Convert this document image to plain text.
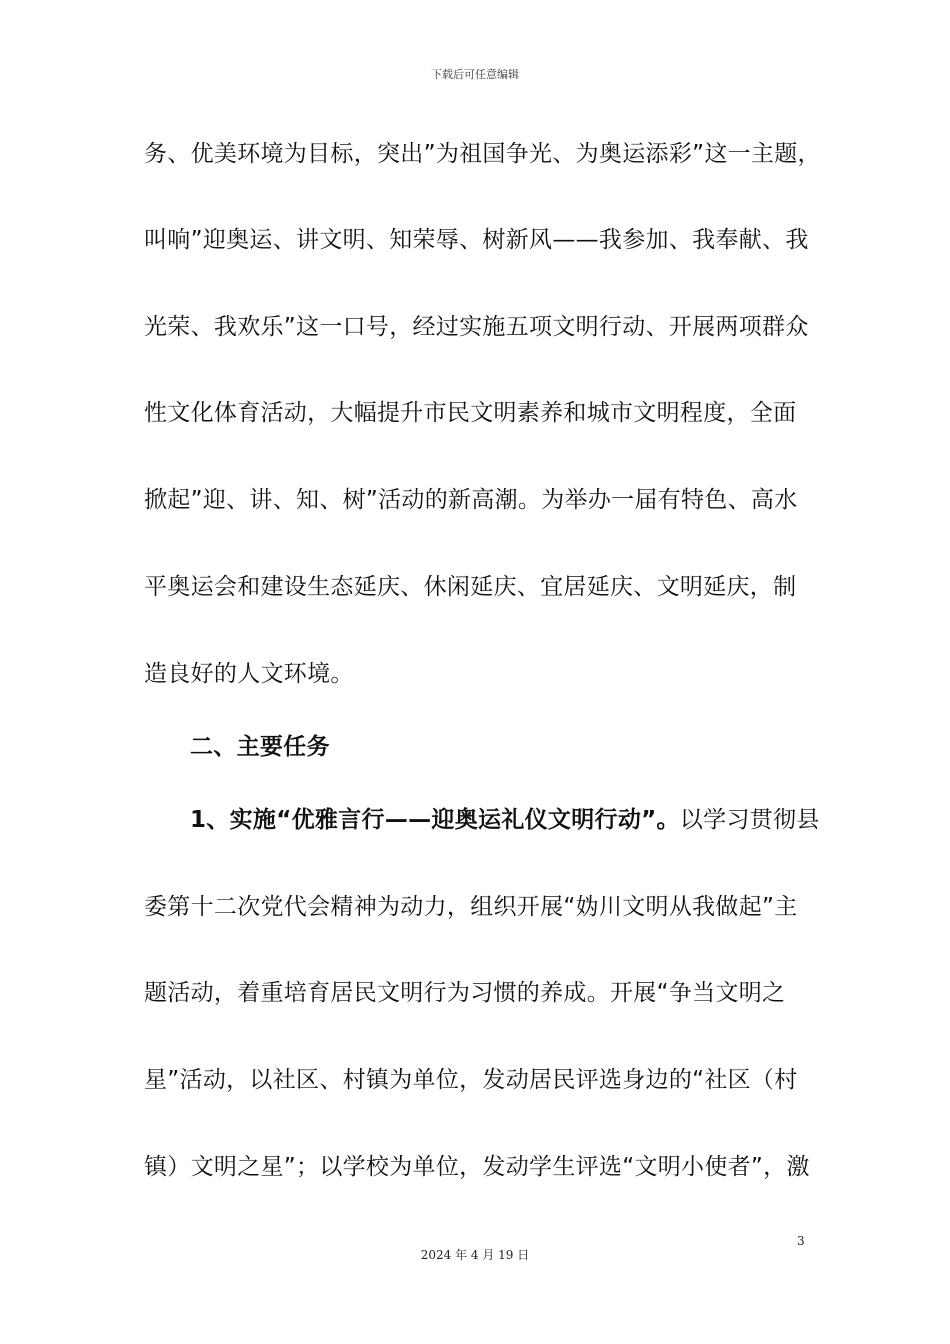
下载后可任意编辑
务、优美环境为目标，突出”为祖国争光、为奥运添彩”这一主题，
叫响”迎奥运、讲文明、知荣辱、树新风——我参加、我奉献、我
光荣、我欢乐”这一口号，经过实施五项文明行动、开展两项群众
性文化体育活动，大幅提升市民文明素养和城市文明程度，全面
掀起”迎、讲、知、树”活动的新高潮。为举办一届有特色、高水
平奥运会和建设生态延庆、休闲延庆、宜居延庆、文明延庆，制
造良好的人文环境。
二、主要任务
1、实施“优雅言行——迎奥运礼仪文明行动”。以学习贯彻县
委第十二次党代会精神为动力，组织开展“妫川文明从我做起”主
题活动，着重培育居民文明行为习惯的养成。开展“争当文明之
星”活动，以社区、村镇为单位，发动居民评选身边的“社区（村
镇）文明之星”；以学校为单位，发动学生评选“文明小使者”，激
3
2024 年 4 月 19 日
